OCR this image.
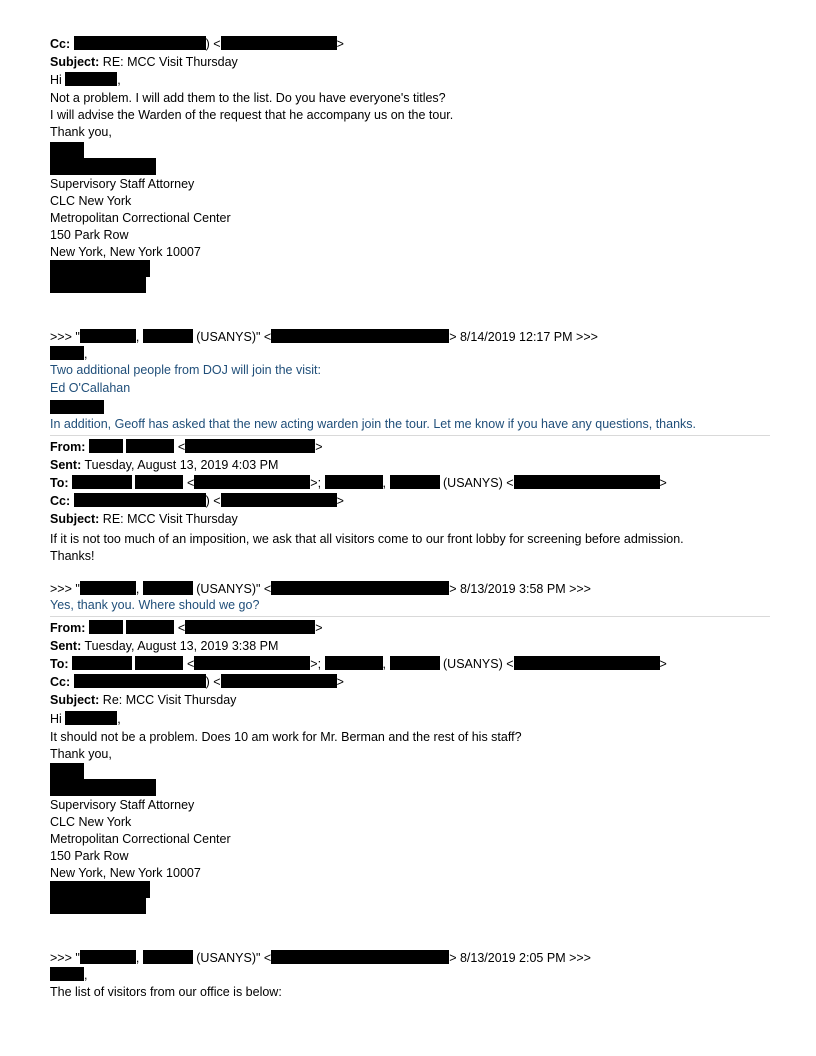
Cc:	) <	>
Subject: RE: MCC Visit Thursday
Hi	,
Not a problem. I will add them to the list. Do you have everyone's titles?
I will advise the Warden of the request that he accompany us on the tour.
Thank you,
Supervisory Staff Attorney
CLC New York
Metropolitan Correctional Center
150 Park Row
New York, New York 10007
>>> "	,	(USANYS)" <	> 8/14/2019 12:17 PM >>>
,
Two additional people from DOJ will join the visit:
Ed O'Callahan
In addition, Geoff has asked that the new acting warden join the tour. Let me know if you have any questions, thanks.
From:	<	>
Sent: Tuesday, August 13, 2019 4:03 PM
To:	<	>;	,	(USANYS) <	>
Cc:	) <	>
Subject: RE: MCC Visit Thursday
If it is not too much of an imposition, we ask that all visitors come to our front lobby for screening before admission.
Thanks!
>>> "	,	(USANYS)" <	> 8/13/2019 3:58 PM >>>
Yes, thank you. Where should we go?
From:	<	>
Sent: Tuesday, August 13, 2019 3:38 PM
To:	<	>;	,	(USANYS) <	>
Cc:	) <	>
Subject: Re: MCC Visit Thursday
Hi	,
It should not be a problem. Does 10 am work for Mr. Berman and the rest of his staff?
Thank you,
Supervisory Staff Attorney
CLC New York
Metropolitan Correctional Center
150 Park Row
New York, New York 10007
>>> "	,	(USANYS)" <	> 8/13/2019 2:05 PM >>>
,
The list of visitors from our office is below:
